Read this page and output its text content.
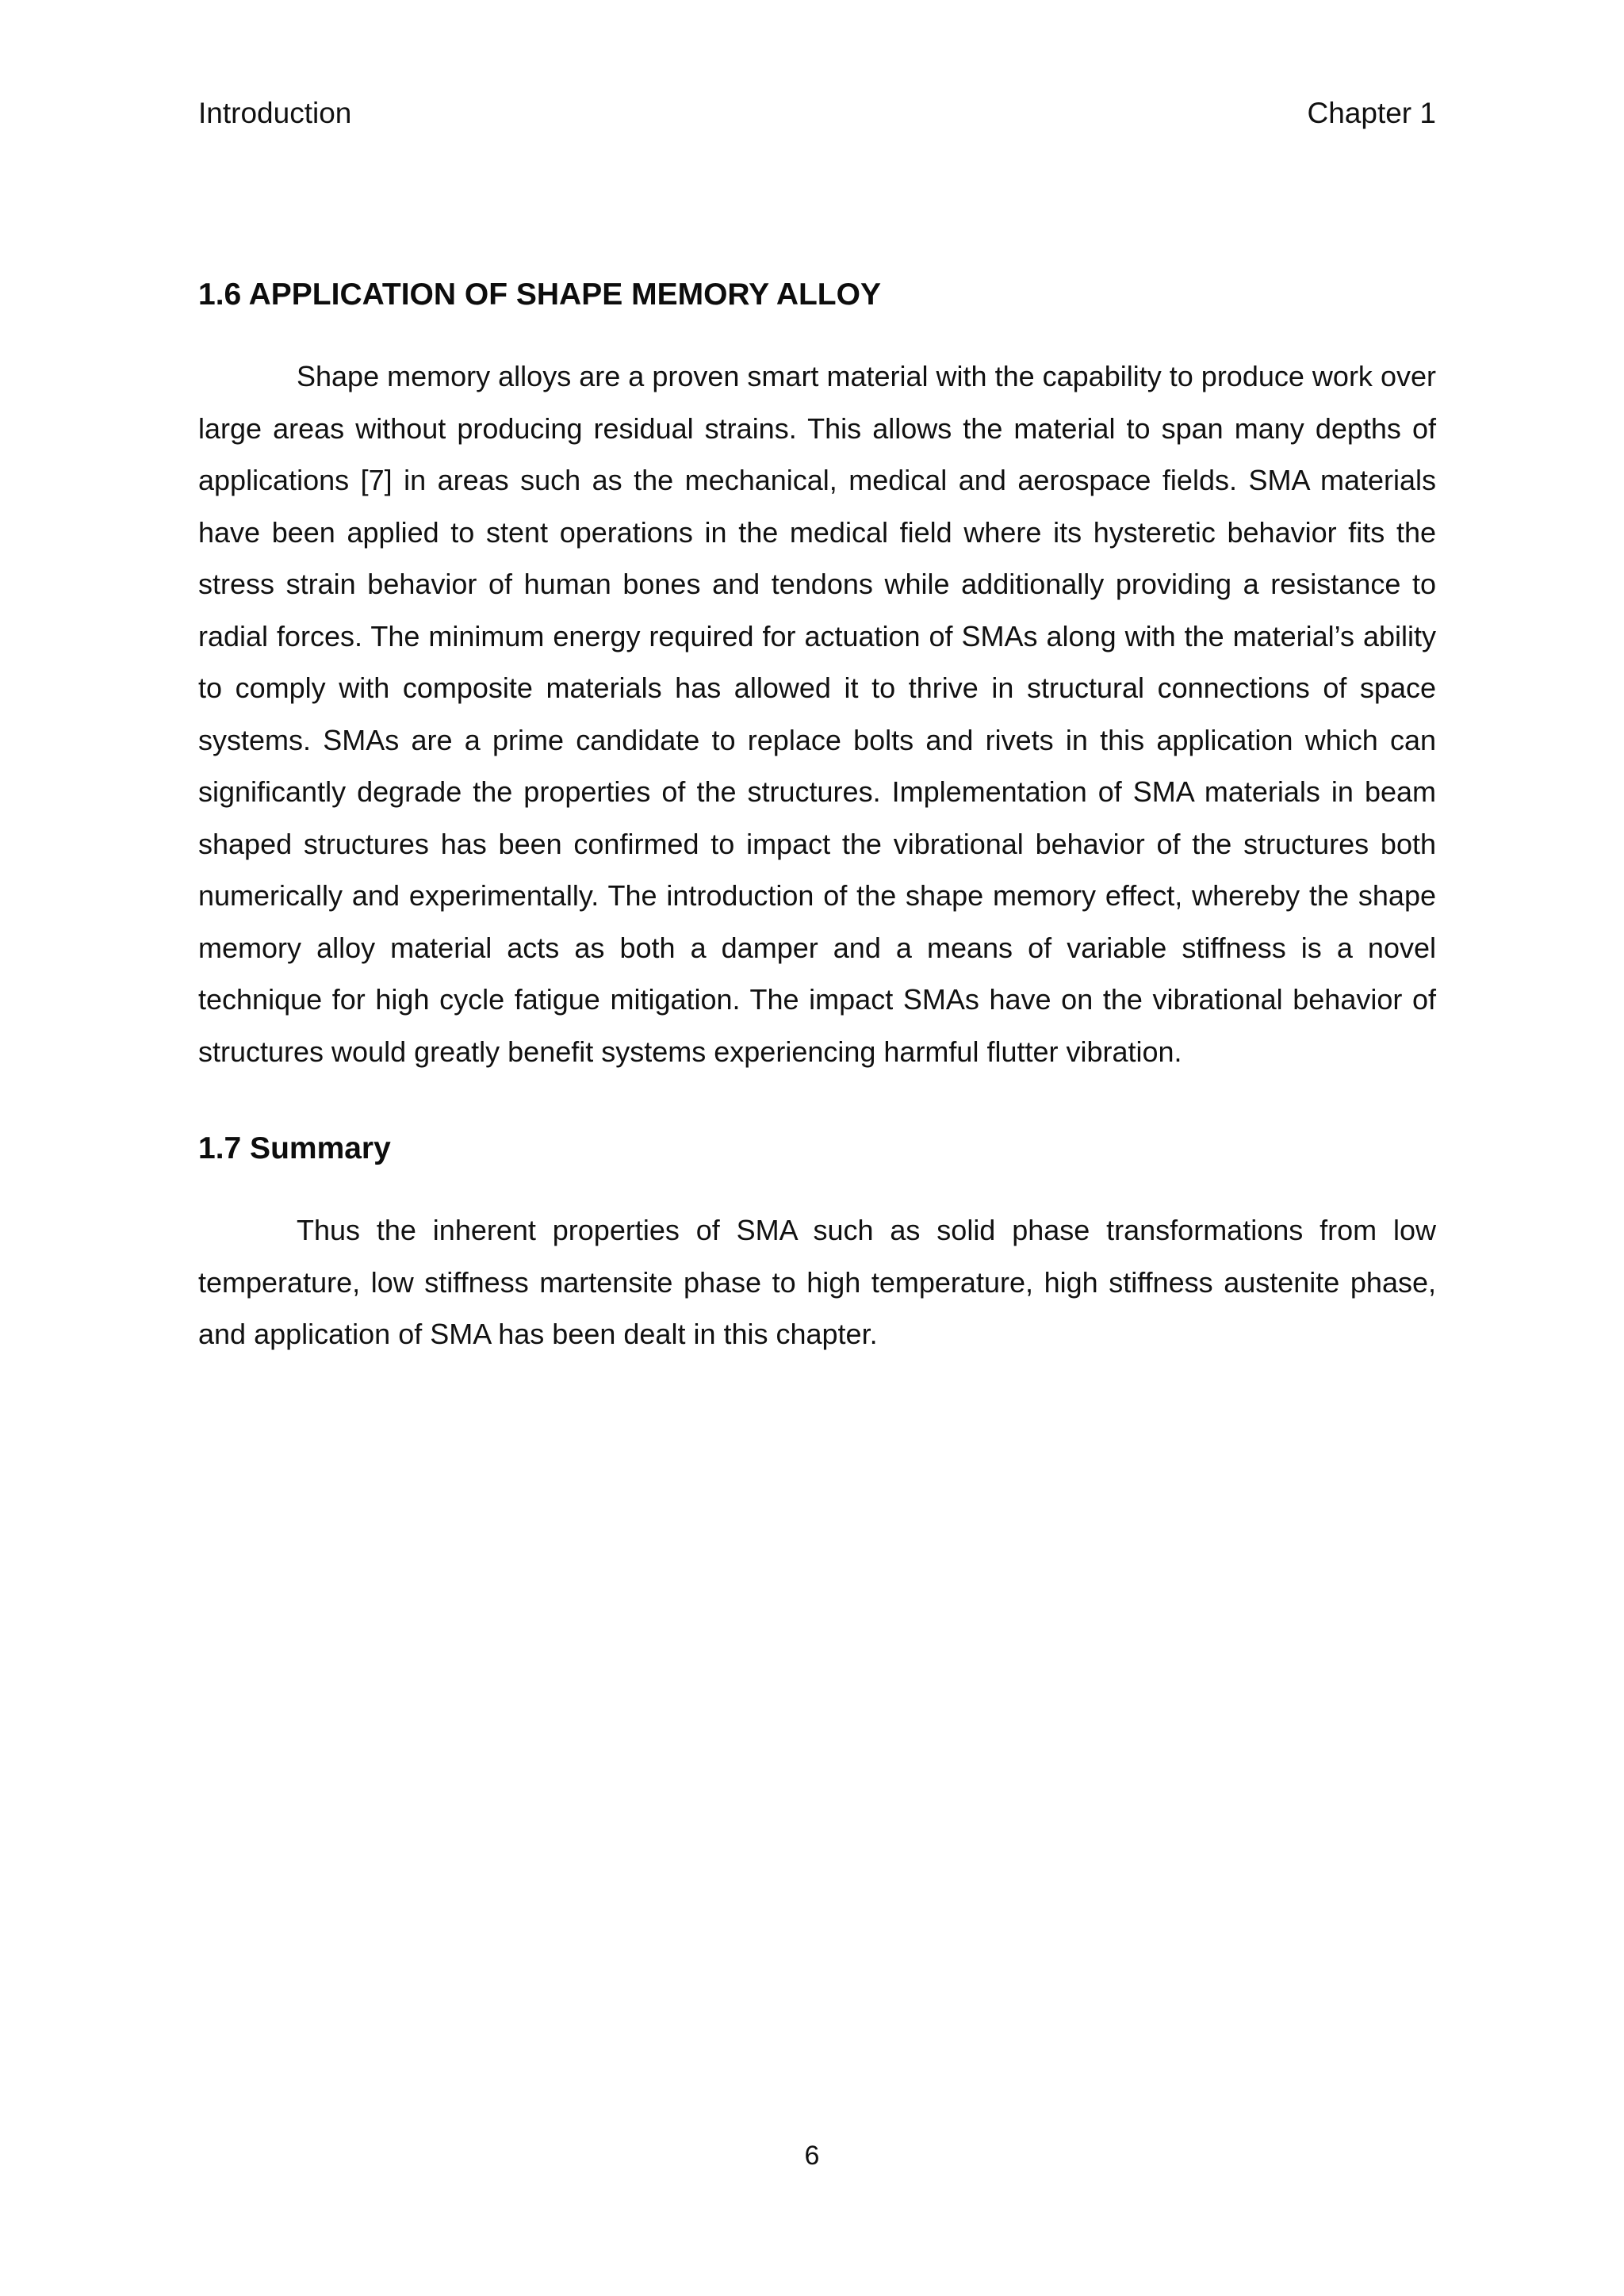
Introduction	Chapter 1
1.6 APPLICATION OF SHAPE MEMORY ALLOY

Shape memory alloys are a proven smart material with the capability to produce work over large areas without producing residual strains. This allows the material to span many depths of applications [7] in areas such as the mechanical, medical and aerospace fields. SMA materials have been applied to stent operations in the medical field where its hysteretic behavior fits the stress strain behavior of human bones and tendons while additionally providing a resistance to radial forces. The minimum energy required for actuation of SMAs along with the material’s ability to comply with composite materials has allowed it to thrive in structural connections of space systems. SMAs are a prime candidate to replace bolts and rivets in this application which can significantly degrade the properties of the structures. Implementation of SMA materials in beam shaped structures has been confirmed to impact the vibrational behavior of the structures both numerically and experimentally. The introduction of the shape memory effect, whereby the shape memory alloy material acts as both a damper and a means of variable stiffness is a novel technique for high cycle fatigue mitigation. The impact SMAs have on the vibrational behavior of structures would greatly benefit systems experiencing harmful flutter vibration.

1.7 Summary

Thus the inherent properties of SMA such as solid phase transformations from low temperature, low stiffness martensite phase to high temperature, high stiffness austenite phase, and application of SMA has been dealt in this chapter.

6
